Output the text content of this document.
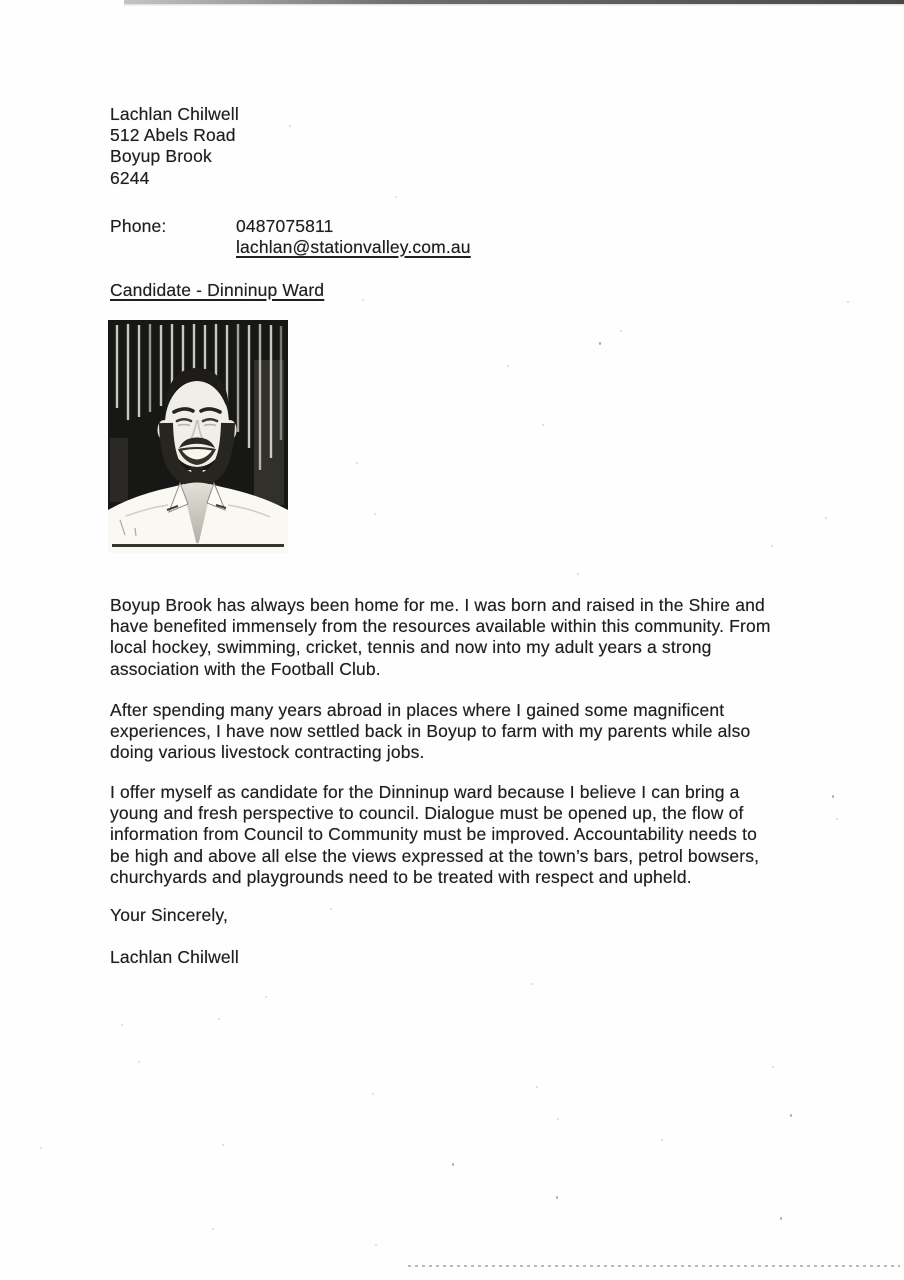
Lachlan Chilwell
512 Abels Road
Boyup Brook
6244
Phone:	0487075811
lachlan@stationvalley.com.au
Candidate - Dinninup Ward
Boyup Brook has always been home for me. I was born and raised in the Shire and
have benefited immensely from the resources available within this community. From
local hockey, swimming, cricket, tennis and now into my adult years a strong
association with the Football Club.
After spending many years abroad in places where I gained some magnificent
experiences, I have now settled back in Boyup to farm with my parents while also
doing various livestock contracting jobs.
I offer myself as candidate for the Dinninup ward because I believe I can bring a
young and fresh perspective to council. Dialogue must be opened up, the flow of
information from Council to Community must be improved. Accountability needs to
be high and above all else the views expressed at the town’s bars, petrol bowsers,
churchyards and playgrounds need to be treated with respect and upheld.
Your Sincerely,
Lachlan Chilwell
